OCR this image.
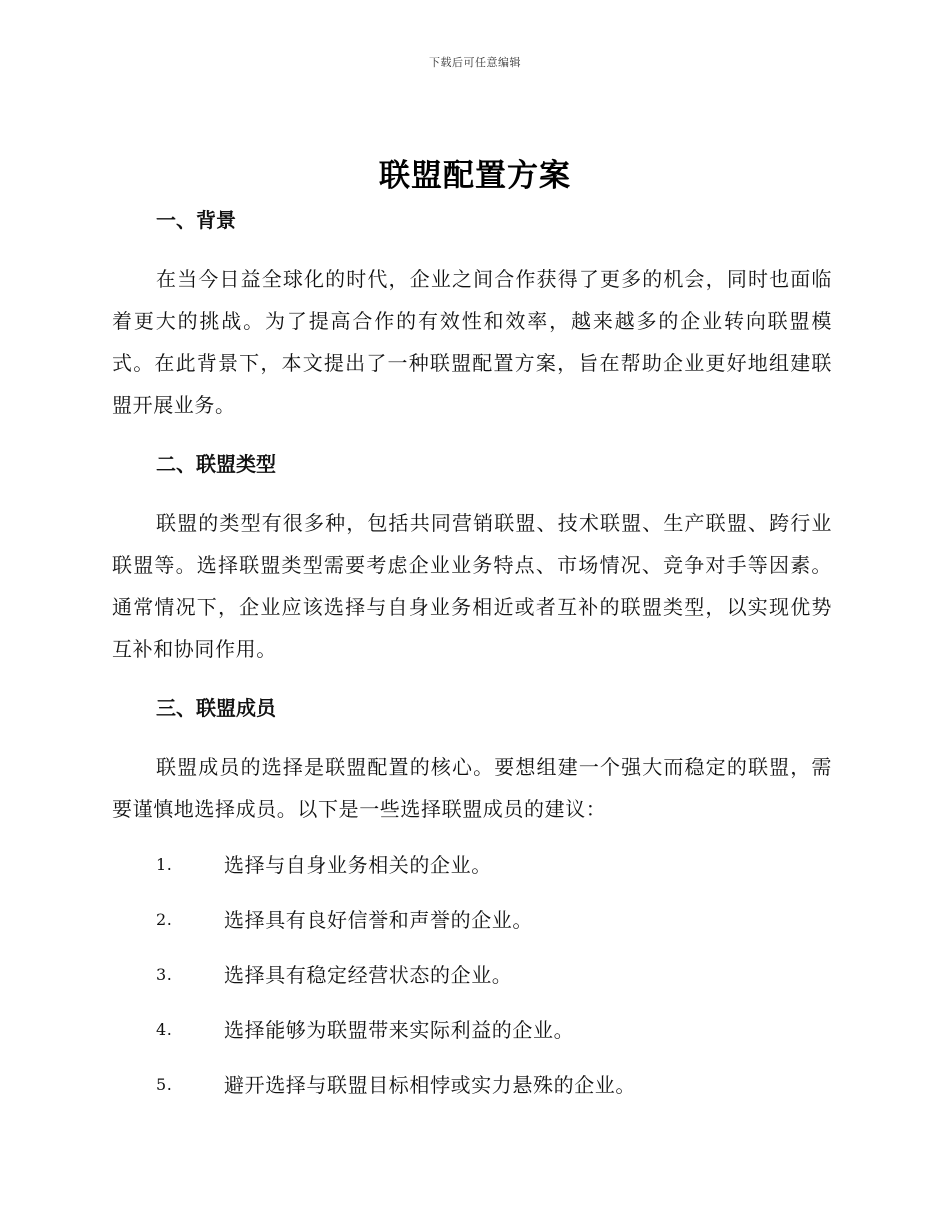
下载后可任意编辑
联盟配置方案
一、背景

在当今日益全球化的时代，企业之间合作获得了更多的机会，同时也面临着更大的挑战。为了提高合作的有效性和效率，越来越多的企业转向联盟模式。在此背景下，本文提出了一种联盟配置方案，旨在帮助企业更好地组建联盟开展业务。

二、联盟类型

联盟的类型有很多种，包括共同营销联盟、技术联盟、生产联盟、跨行业联盟等。选择联盟类型需要考虑企业业务特点、市场情况、竞争对手等因素。通常情况下，企业应该选择与自身业务相近或者互补的联盟类型，以实现优势互补和协同作用。

三、联盟成员

联盟成员的选择是联盟配置的核心。要想组建一个强大而稳定的联盟，需要谨慎地选择成员。以下是一些选择联盟成员的建议：

1.	选择与自身业务相关的企业。
2.	选择具有良好信誉和声誉的企业。
3.	选择具有稳定经营状态的企业。
4.	选择能够为联盟带来实际利益的企业。
5.	避开选择与联盟目标相悖或实力悬殊的企业。
